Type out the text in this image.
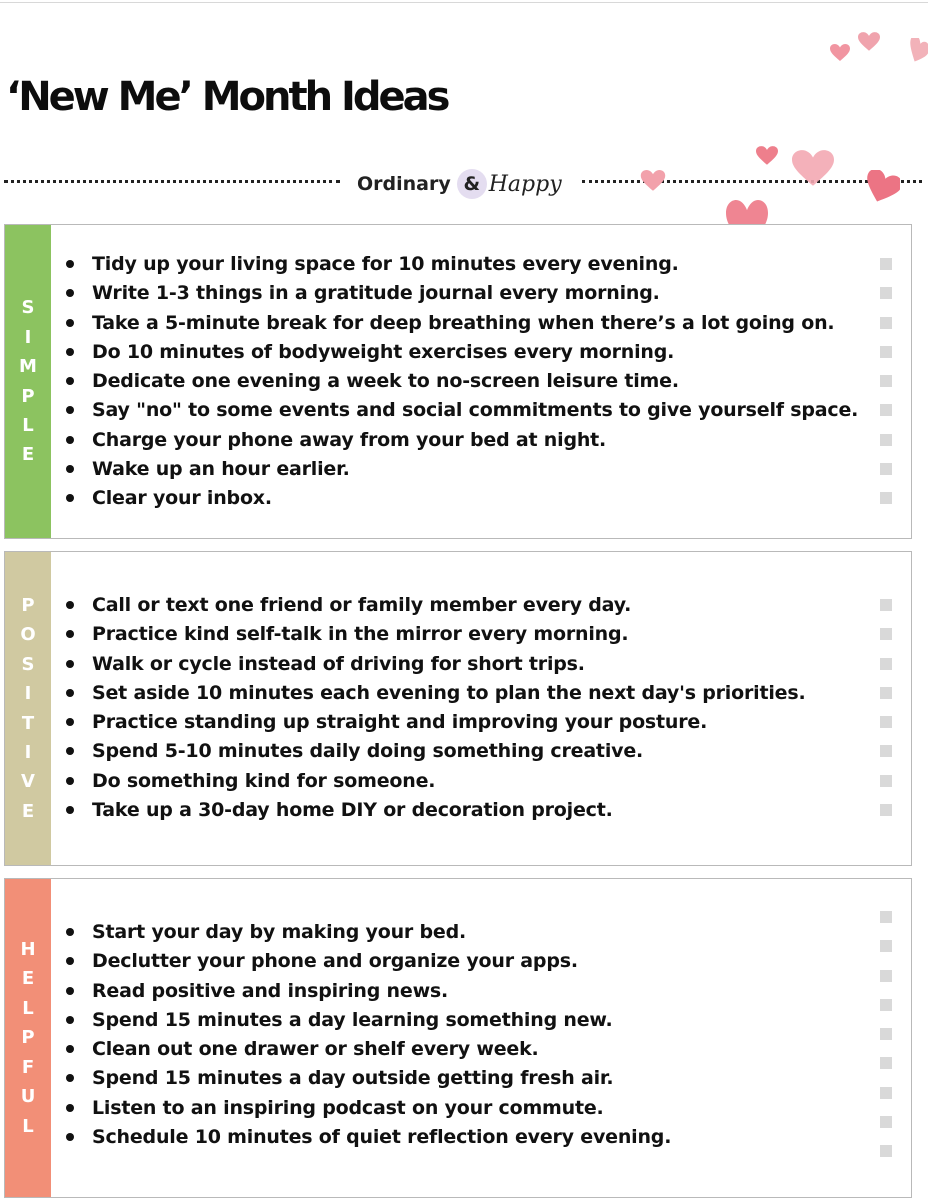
‘New Me’ Month Ideas
Ordinary & Happy
S
I
M
P
L
E
Tidy up your living space for 10 minutes every evening.
Write 1-3 things in a gratitude journal every morning.
Take a 5-minute break for deep breathing when there’s a lot going on.
Do 10 minutes of bodyweight exercises every morning.
Dedicate one evening a week to no-screen leisure time.
Say "no" to some events and social commitments to give yourself space.
Charge your phone away from your bed at night.
Wake up an hour earlier.
Clear your inbox.
P
O
S
I
T
I
V
E
Call or text one friend or family member every day.
Practice kind self-talk in the mirror every morning.
Walk or cycle instead of driving for short trips.
Set aside 10 minutes each evening to plan the next day's priorities.
Practice standing up straight and improving your posture.
Spend 5-10 minutes daily doing something creative.
Do something kind for someone.
Take up a 30-day home DIY or decoration project.
H
E
L
P
F
U
L
Start your day by making your bed.
Declutter your phone and organize your apps.
Read positive and inspiring news.
Spend 15 minutes a day learning something new.
Clean out one drawer or shelf every week.
Spend 15 minutes a day outside getting fresh air.
Listen to an inspiring podcast on your commute.
Schedule 10 minutes of quiet reflection every evening.
